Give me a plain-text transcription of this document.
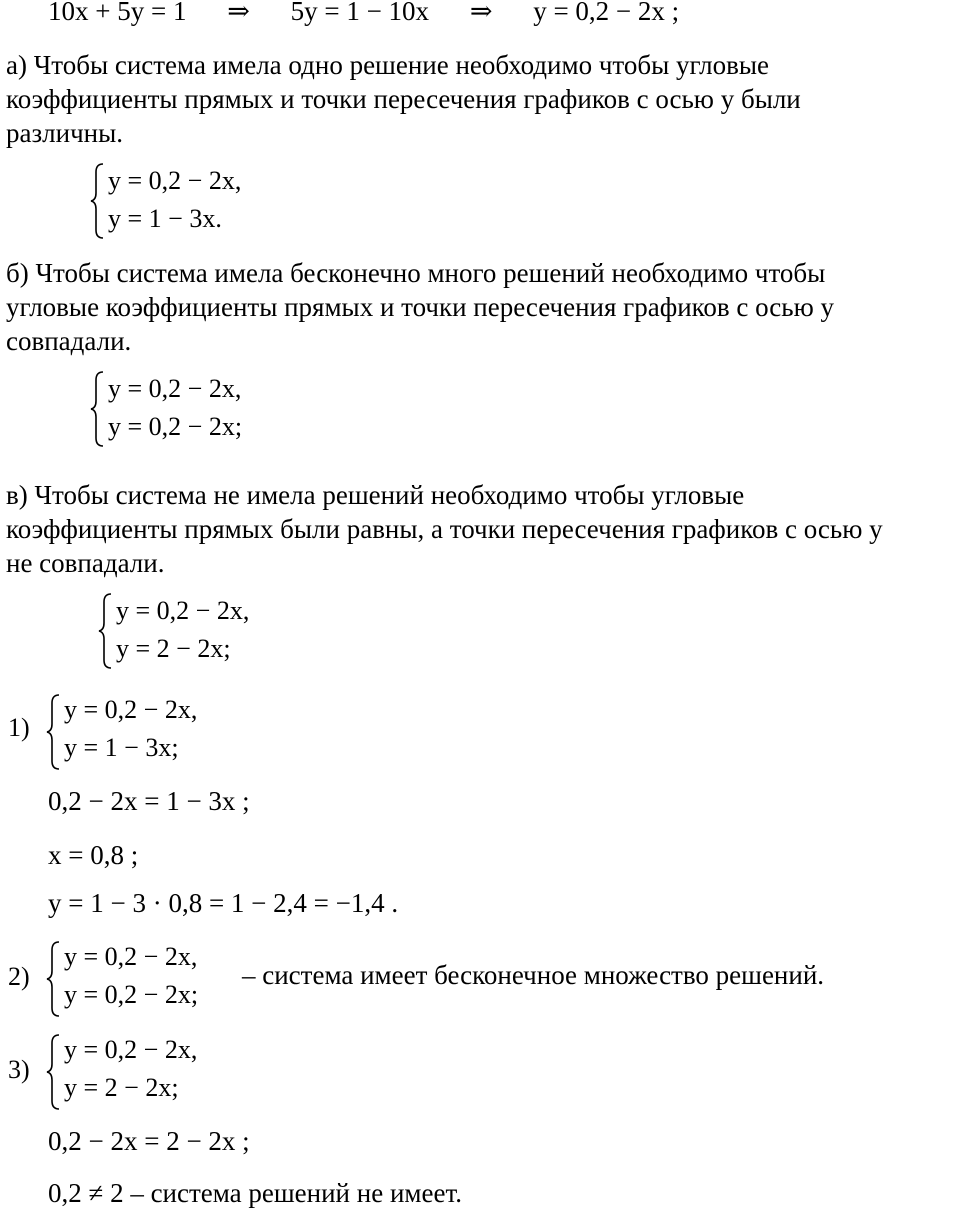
10x + 5y = 1 ⇒ 5y = 1 − 10x ⇒ y = 0,2 − 2x ;
а) Чтобы система имела одно решение необходимо чтобы угловые
коэффициенты прямых и точки пересечения графиков с осью y были
различны.
y = 0,2 − 2x,
y = 1 − 3x.
б) Чтобы система имела бесконечно много решений необходимо чтобы
угловые коэффициенты прямых и точки пересечения графиков с осью y
совпадали.
y = 0,2 − 2x,
y = 0,2 − 2x;
в) Чтобы система не имела решений необходимо чтобы угловые
коэффициенты прямых были равны, а точки пересечения графиков с осью y
не совпадали.
y = 0,2 − 2x,
y = 2 − 2x;
1)
y = 0,2 − 2x,
y = 1 − 3x;
0,2 − 2x = 1 − 3x ;
x = 0,8 ;
y = 1 − 3 · 0,8 = 1 − 2,4 = −1,4 .
2)
y = 0,2 − 2x,
y = 0,2 − 2x;
– система имеет бесконечное множество решений.
3)
y = 0,2 − 2x,
y = 2 − 2x;
0,2 − 2x = 2 − 2x ;
0,2 ≠ 2 – система решений не имеет.
